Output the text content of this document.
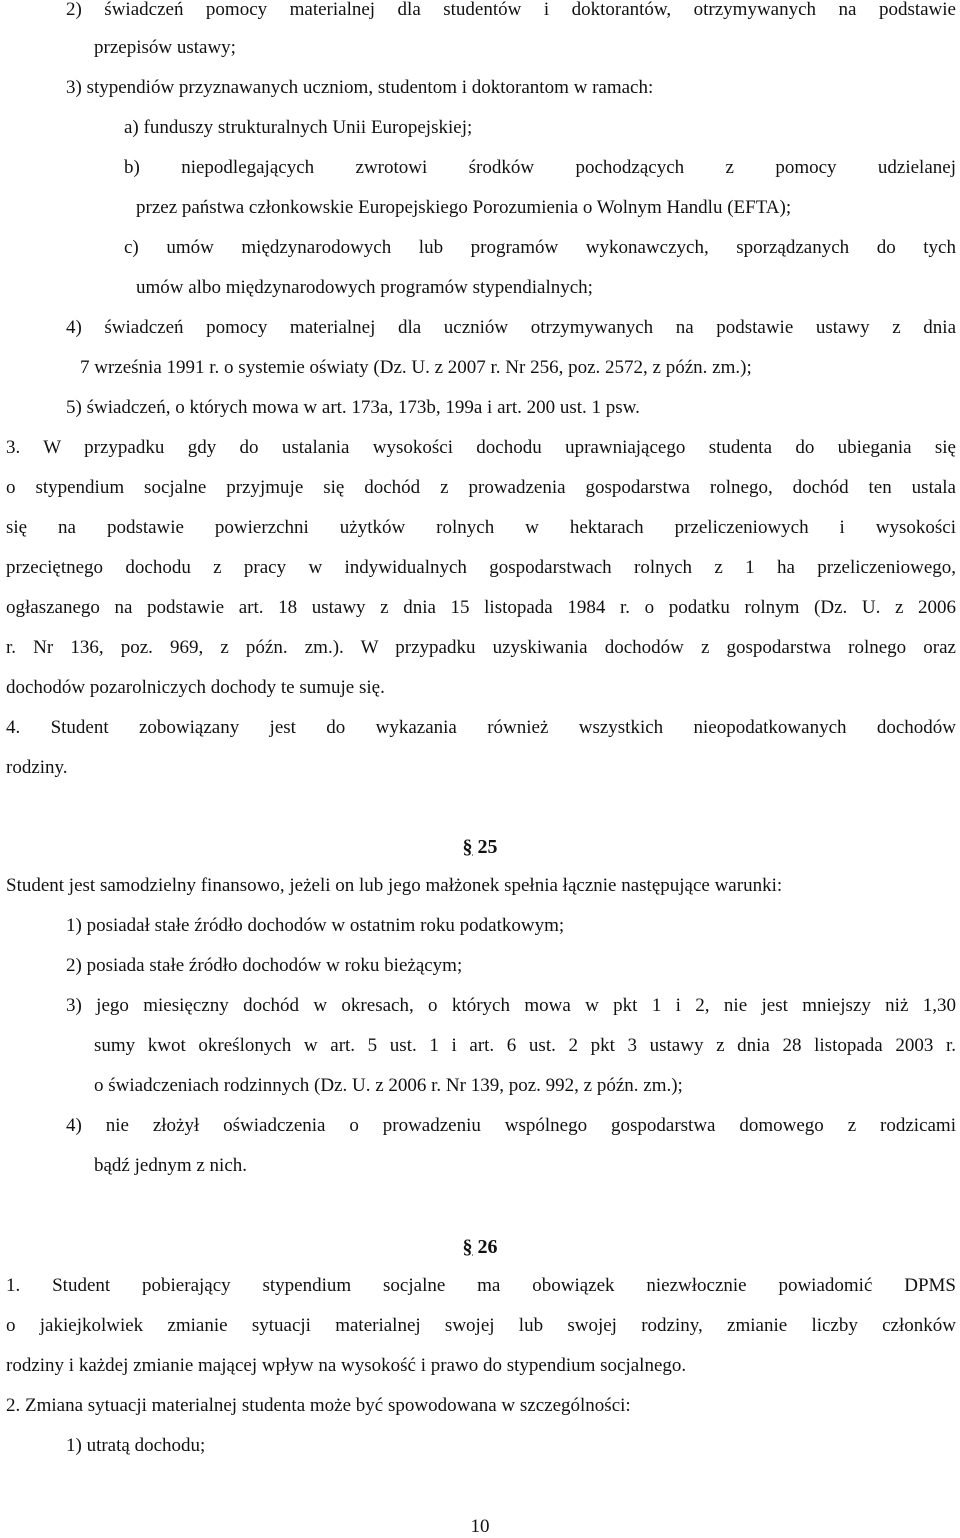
2) świadczeń pomocy materialnej dla studentów i doktorantów, otrzymywanych na podstawie
przepisów ustawy;
3) stypendiów przyznawanych uczniom, studentom i doktorantom w ramach:
a) funduszy strukturalnych Unii Europejskiej;
b) niepodlegających zwrotowi środków pochodzących z pomocy udzielanej
przez państwa członkowskie Europejskiego Porozumienia o Wolnym Handlu (EFTA);
c) umów międzynarodowych lub programów wykonawczych, sporządzanych do tych
umów albo międzynarodowych programów stypendialnych;
4) świadczeń pomocy materialnej dla uczniów otrzymywanych na podstawie ustawy z dnia
7 września 1991 r. o systemie oświaty (Dz. U. z 2007 r. Nr 256, poz. 2572, z późn. zm.);
5) świadczeń, o których mowa w art. 173a, 173b, 199a i art. 200 ust. 1 psw.
3. W przypadku gdy do ustalania wysokości dochodu uprawniającego studenta do ubiegania się
o stypendium socjalne przyjmuje się dochód z prowadzenia gospodarstwa rolnego, dochód ten ustala
się na podstawie powierzchni użytków rolnych w hektarach przeliczeniowych i wysokości
przeciętnego dochodu z pracy w indywidualnych gospodarstwach rolnych z 1 ha przeliczeniowego,
ogłaszanego na podstawie art. 18 ustawy z dnia 15 listopada 1984 r. o podatku rolnym (Dz. U. z 2006
r. Nr 136, poz. 969, z późn. zm.). W przypadku uzyskiwania dochodów z gospodarstwa rolnego oraz
dochodów pozarolniczych dochody te sumuje się.
4. Student zobowiązany jest do wykazania również wszystkich nieopodatkowanych dochodów
rodziny.
§ 25
Student jest samodzielny finansowo, jeżeli on lub jego małżonek spełnia łącznie następujące warunki:
1) posiadał stałe źródło dochodów w ostatnim roku podatkowym;
2) posiada stałe źródło dochodów w roku bieżącym;
3) jego miesięczny dochód w okresach, o których mowa w pkt 1 i 2, nie jest mniejszy niż 1,30
sumy kwot określonych w art. 5 ust. 1 i art. 6 ust. 2 pkt 3 ustawy z dnia 28 listopada 2003 r.
o świadczeniach rodzinnych (Dz. U. z 2006 r. Nr 139, poz. 992, z późn. zm.);
4) nie złożył oświadczenia o prowadzeniu wspólnego gospodarstwa domowego z rodzicami
bądź jednym z nich.
§ 26
1. Student pobierający stypendium socjalne ma obowiązek niezwłocznie powiadomić DPMS
o jakiejkolwiek zmianie sytuacji materialnej swojej lub swojej rodziny, zmianie liczby członków
rodziny i każdej zmianie mającej wpływ na wysokość i prawo do stypendium socjalnego.
2. Zmiana sytuacji materialnej studenta może być spowodowana w szczególności:
1) utratą dochodu;
10
